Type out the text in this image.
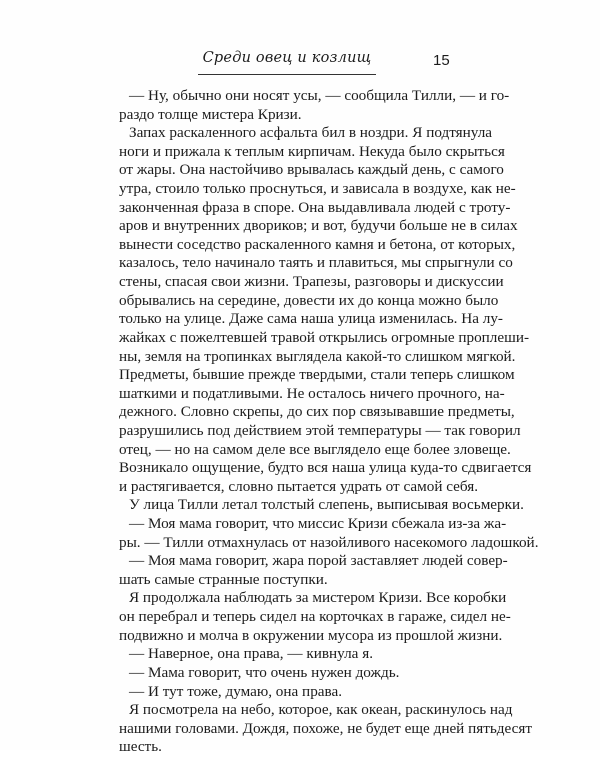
Среди овец и козлищ	15
— Ну, обычно они носят усы, — сообщила Тилли, — и го-
раздо толще мистера Кризи.
Запах раскаленного асфальта бил в ноздри. Я подтянула
ноги и прижала к теплым кирпичам. Некуда было скрыться
от жары. Она настойчиво врывалась каждый день, с самого
утра, стоило только проснуться, и зависала в воздухе, как не-
законченная фраза в споре. Она выдавливала людей с троту-
аров и внутренних двориков; и вот, будучи больше не в силах
вынести соседство раскаленного камня и бетона, от которых,
казалось, тело начинало таять и плавиться, мы спрыгнули со
стены, спасая свои жизни. Трапезы, разговоры и дискуссии
обрывались на середине, довести их до конца можно было
только на улице. Даже сама наша улица изменилась. На лу-
жайках с пожелтевшей травой открылись огромные проплеши-
ны, земля на тропинках выглядела какой-то слишком мягкой.
Предметы, бывшие прежде твердыми, стали теперь слишком
шаткими и податливыми. Не осталось ничего прочного, на-
дежного. Словно скрепы, до сих пор связывавшие предметы,
разрушились под действием этой температуры — так говорил
отец, — но на самом деле все выглядело еще более зловеще.
Возникало ощущение, будто вся наша улица куда-то сдвигается
и растягивается, словно пытается удрать от самой себя.
У лица Тилли летал толстый слепень, выписывая восьмерки.
— Моя мама говорит, что миссис Кризи сбежала из-за жа-
ры. — Тилли отмахнулась от назойливого насекомого ладошкой.
— Моя мама говорит, жара порой заставляет людей совер-
шать самые странные поступки.
Я продолжала наблюдать за мистером Кризи. Все коробки
он перебрал и теперь сидел на корточках в гараже, сидел не-
подвижно и молча в окружении мусора из прошлой жизни.
— Наверное, она права, — кивнула я.
— Мама говорит, что очень нужен дождь.
— И тут тоже, думаю, она права.
Я посмотрела на небо, которое, как океан, раскинулось над
нашими головами. Дождя, похоже, не будет еще дней пятьдесят
шесть.
